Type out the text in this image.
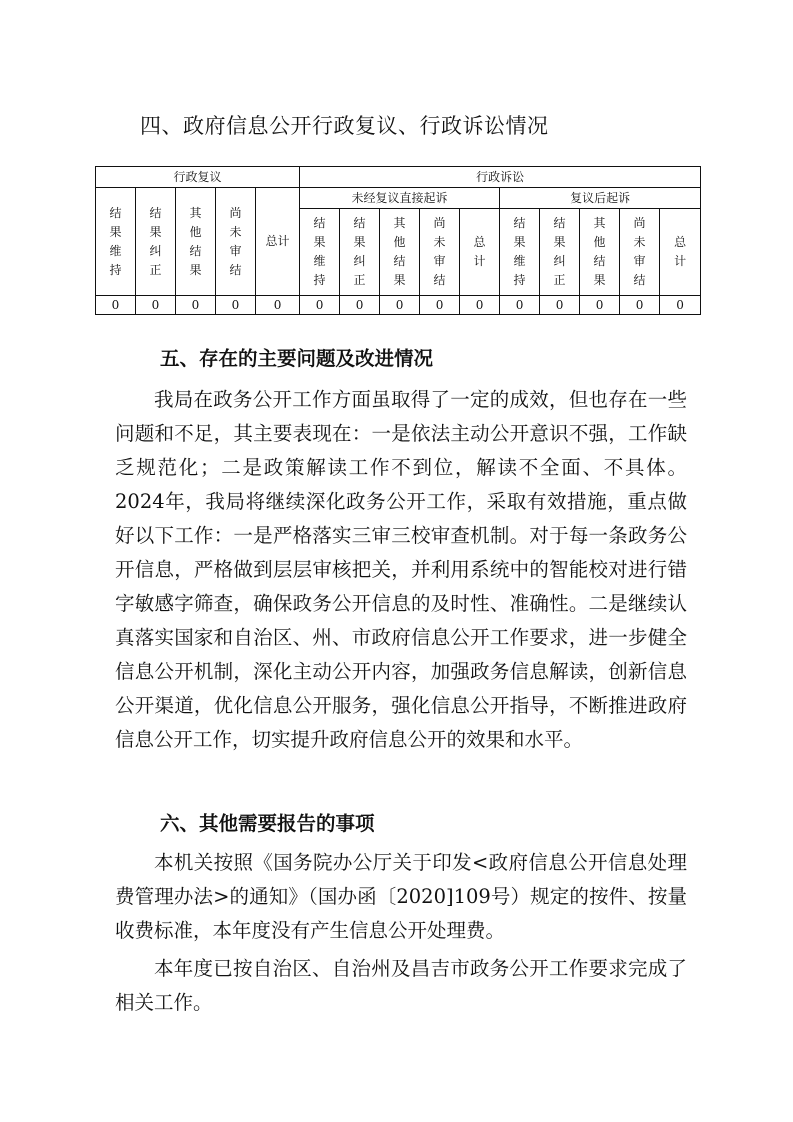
四、政府信息公开行政复议、行政诉讼情况
行政复议					行政诉讼									
结果维持	结果纠正	其他结果	尚未审结	总计	未经复议直接起诉					复议后起诉				
					结果维持	结果纠正	其他结果	尚未审结	总计	结果维持	结果纠正	其他结果	尚未审结	总计
0	0	0	0	0	0	0	0	0	0	0	0	0	0	0
五、存在的主要问题及改进情况

我局在政务公开工作方面虽取得了一定的成效，但也存在一些问题和不足，其主要表现在：一是依法主动公开意识不强，工作缺乏规范化；二是政策解读工作不到位，解读不全面、不具体。2024年，我局将继续深化政务公开工作，采取有效措施，重点做好以下工作：一是严格落实三审三校审查机制。对于每一条政务公开信息，严格做到层层审核把关，并利用系统中的智能校对进行错字敏感字筛查，确保政务公开信息的及时性、准确性。二是继续认真落实国家和自治区、州、市政府信息公开工作要求，进一步健全信息公开机制，深化主动公开内容，加强政务信息解读，创新信息公开渠道，优化信息公开服务，强化信息公开指导，不断推进政府信息公开工作，切实提升政府信息公开的效果和水平。

六、其他需要报告的事项

本机关按照《国务院办公厅关于印发<政府信息公开信息处理费管理办法>的通知》（国办函〔2020]109号）规定的按件、按量收费标准，本年度没有产生信息公开处理费。

本年度已按自治区、自治州及昌吉市政务公开工作要求完成了相关工作。
